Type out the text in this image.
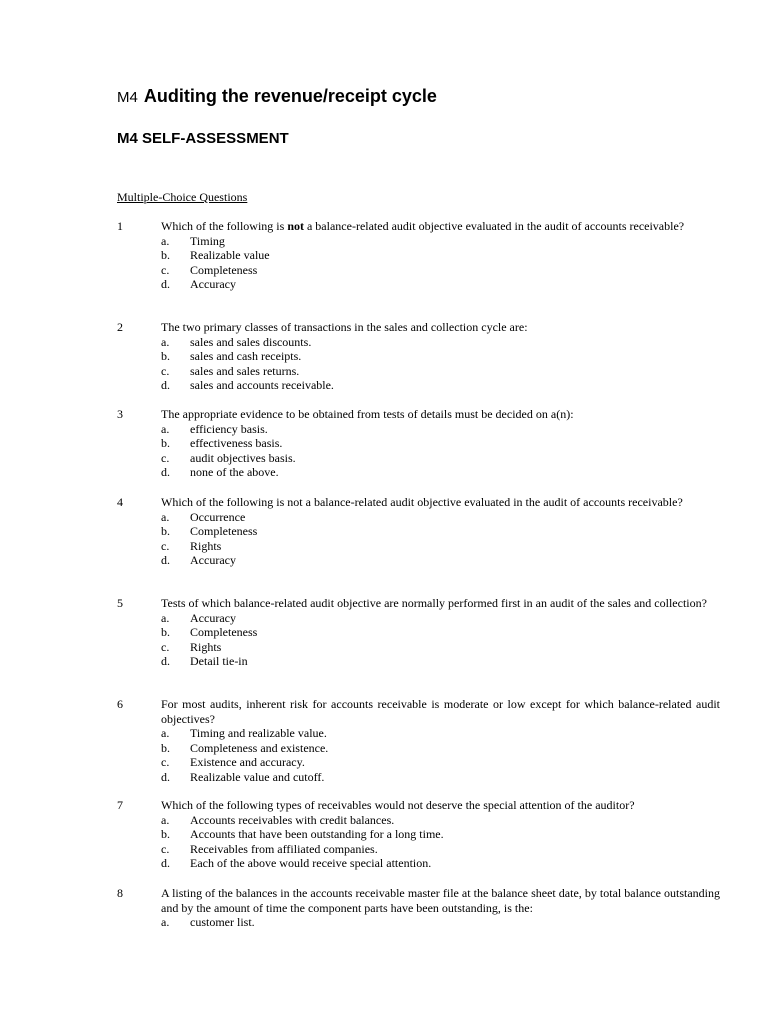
M4 Auditing the revenue/receipt cycle
M4 SELF-ASSESSMENT
Multiple-Choice Questions
1	Which of the following is not a balance-related audit objective evaluated in the audit of accounts receivable?
a.	Timing
b.	Realizable value
c.	Completeness
d.	Accuracy
2	The two primary classes of transactions in the sales and collection cycle are:
a.	sales and sales discounts.
b.	sales and cash receipts.
c.	sales and sales returns.
d.	sales and accounts receivable.
3	The appropriate evidence to be obtained from tests of details must be decided on a(n):
a.	efficiency basis.
b.	effectiveness basis.
c.	audit objectives basis.
d.	none of the above.
4	Which of the following is not a balance-related audit objective evaluated in the audit of accounts receivable?
a.	Occurrence
b.	Completeness
c.	Rights
d.	Accuracy
5	Tests of which balance-related audit objective are normally performed first in an audit of the sales and collection?
a.	Accuracy
b.	Completeness
c.	Rights
d.	Detail tie-in
6	For most audits, inherent risk for accounts receivable is moderate or low except for which balance-related audit objectives?
a.	Timing and realizable value.
b.	Completeness and existence.
c.	Existence and accuracy.
d.	Realizable value and cutoff.
7	Which of the following types of receivables would not deserve the special attention of the auditor?
a.	Accounts receivables with credit balances.
b.	Accounts that have been outstanding for a long time.
c.	Receivables from affiliated companies.
d.	Each of the above would receive special attention.
8	A listing of the balances in the accounts receivable master file at the balance sheet date, by total balance outstanding and by the amount of time the component parts have been outstanding, is the:
a.	customer list.
